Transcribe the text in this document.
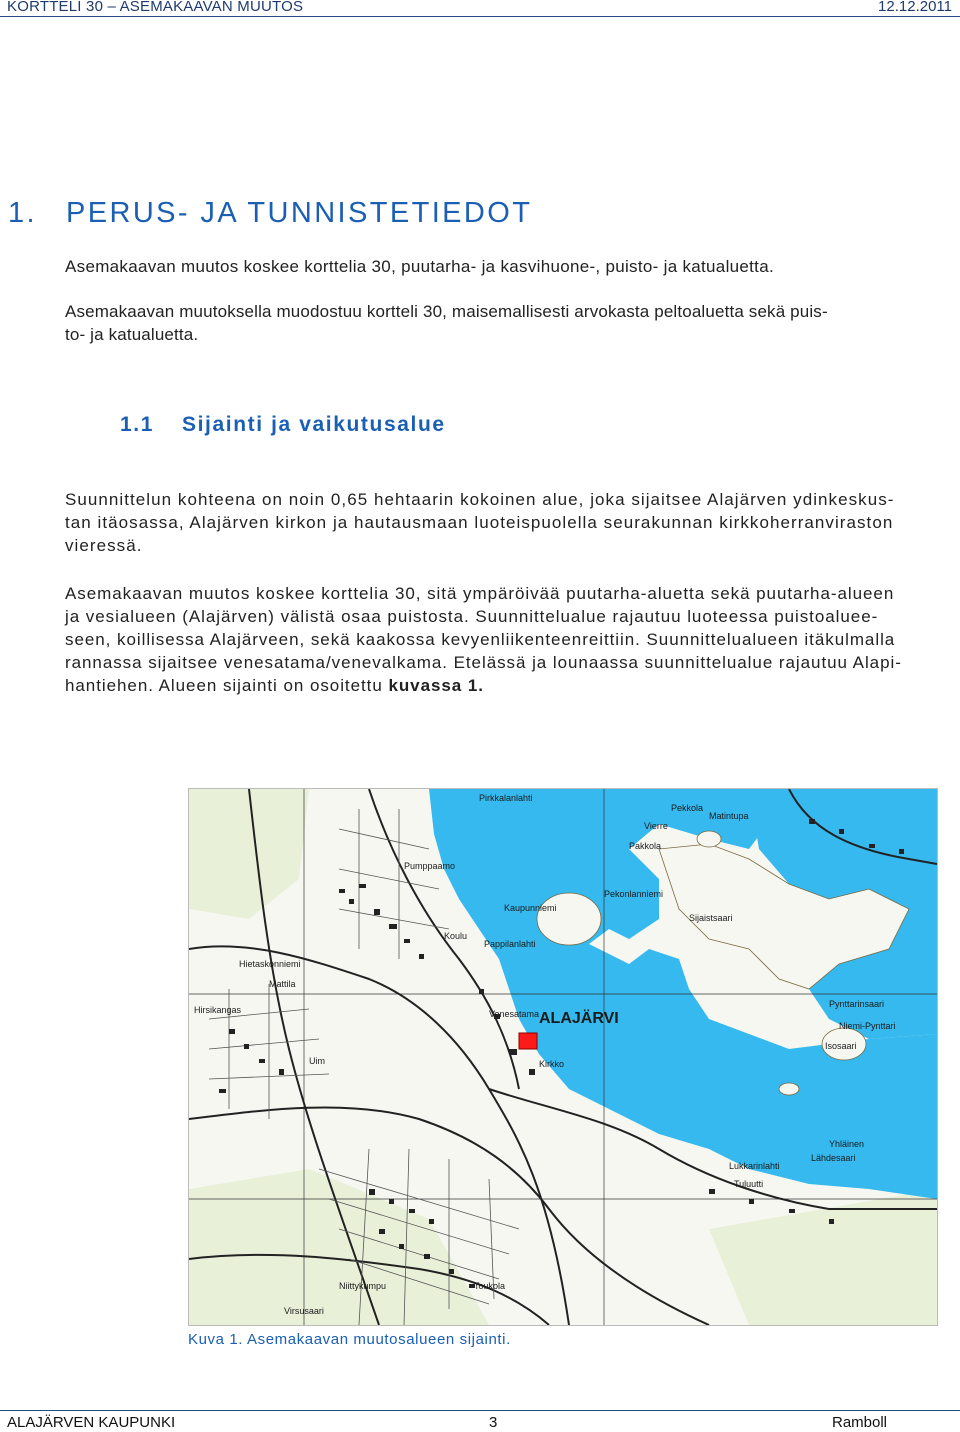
KORTTELI 30 – ASEMAKAAVAN MUUTOS	12.12.2011
1. PERUS- JA TUNNISTETIEDOT
Asemakaavan muutos koskee korttelia 30, puutarha- ja kasvihuone-, puisto- ja katualuetta.
Asemakaavan muutoksella muodostuu kortteli 30, maisemallisesti arvokasta peltoaluetta sekä puis-
to- ja katualuetta.
1.1 Sijainti ja vaikutusalue
Suunnittelun kohteena on noin 0,65 hehtaarin kokoinen alue, joka sijaitsee Alajärven ydinkeskus-
tan itäosassa, Alajärven kirkon ja hautausmaan luoteispuolella seurakunnan kirkkoherranviraston
vieressä.
Asemakaavan muutos koskee korttelia 30, sitä ympäröivää puutarha-aluetta sekä puutarha-alueen
ja vesialueen (Alajärven) välistä osaa puistosta. Suunnittelualue rajautuu luoteessa puistoaluee-
seen, koillisessa Alajärveen, sekä kaakossa kevyenliikenteenreittiin. Suunnittelualueen itäkulmalla
rannassa sijaitsee venesatama/venevalkama. Etelässä ja lounaassa suunnittelualue rajautuu Alapi-
hantiehen. Alueen sijainti on osoitettu kuvassa 1.
Pirkkalanlahti
Pekkola
Vierre
Matintupa
Pakkola
Pumppaamo
Kaupunniemi
Pekonlanniemi
Sijaistsaari
Hietaskonniemi
Mattila
Pappilanlahti
Isosaari
Venesatama ALAJÄRVI
Pynttarinsaari
Hirsikangas
Niemi-Pynttari
Kirkko
Yhläinen
Lukkarinlahti
Tuluutti
Niittykumpu	Toukola
Virsusaari
Koulu
Uim
Lähdesaari
Kuva 1. Asemakaavan muutosalueen sijainti.
ALAJÄRVEN KAUPUNKI	3	Ramboll
